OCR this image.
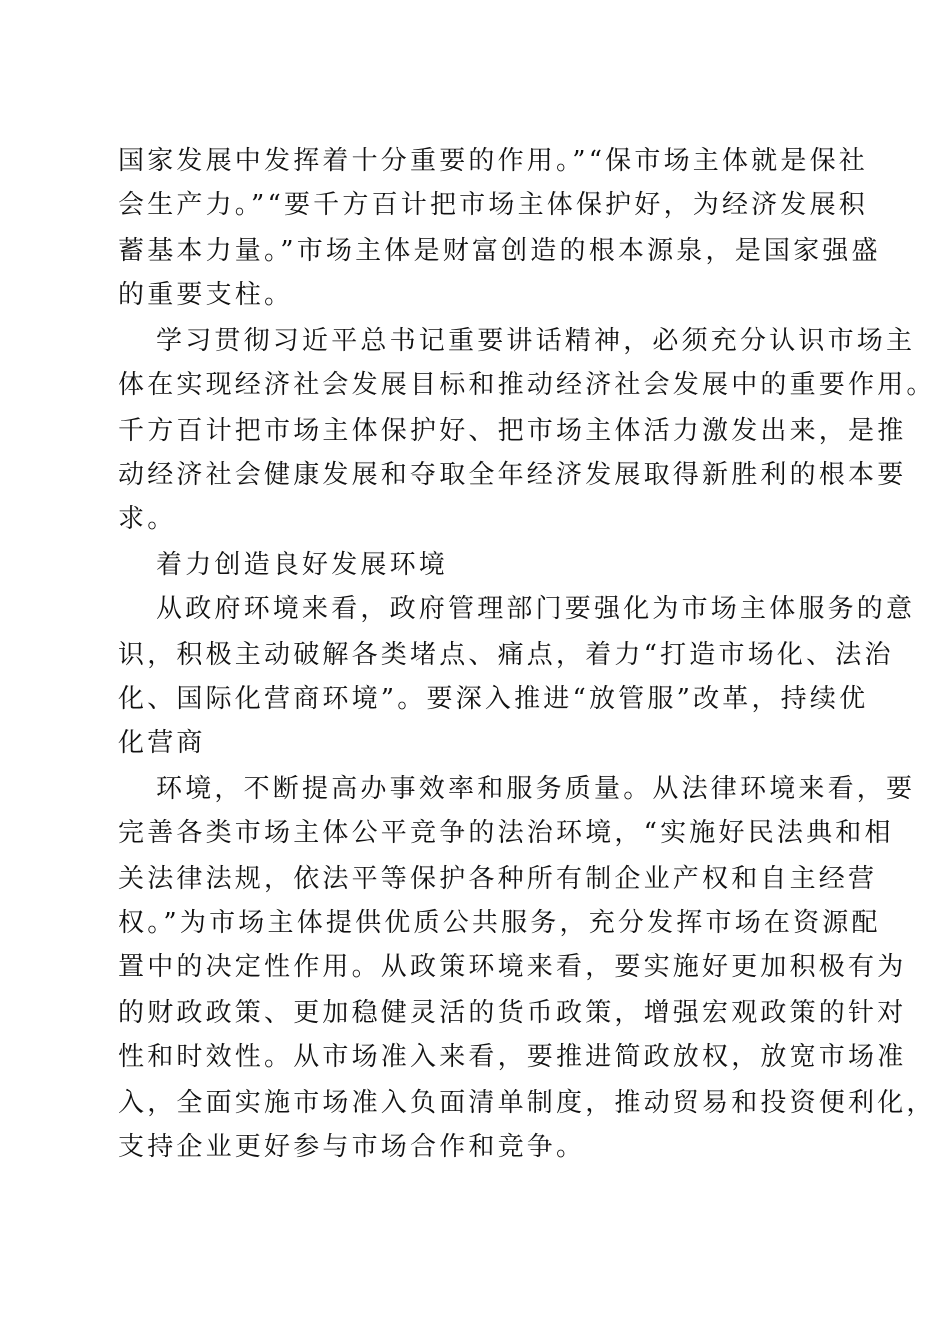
国家发展中发挥着十分重要的作用。”“保市场主体就是保社
会生产力。”“要千方百计把市场主体保护好，为经济发展积
蓄基本力量。”市场主体是财富创造的根本源泉，是国家强盛
的重要支柱。
学习贯彻习近平总书记重要讲话精神，必须充分认识市场主
体在实现经济社会发展目标和推动经济社会发展中的重要作用。
千方百计把市场主体保护好、把市场主体活力激发出来，是推
动经济社会健康发展和夺取全年经济发展取得新胜利的根本要
求。
着力创造良好发展环境
从政府环境来看，政府管理部门要强化为市场主体服务的意
识，积极主动破解各类堵点、痛点，着力“打造市场化、法治
化、国际化营商环境”。要深入推进“放管服”改革，持续优
化营商
环境，不断提高办事效率和服务质量。从法律环境来看，要
完善各类市场主体公平竞争的法治环境，“实施好民法典和相
关法律法规，依法平等保护各种所有制企业产权和自主经营
权。”为市场主体提供优质公共服务，充分发挥市场在资源配
置中的决定性作用。从政策环境来看，要实施好更加积极有为
的财政政策、更加稳健灵活的货币政策，增强宏观政策的针对
性和时效性。从市场准入来看，要推进简政放权，放宽市场准
入，全面实施市场准入负面清单制度，推动贸易和投资便利化，
支持企业更好参与市场合作和竞争。
